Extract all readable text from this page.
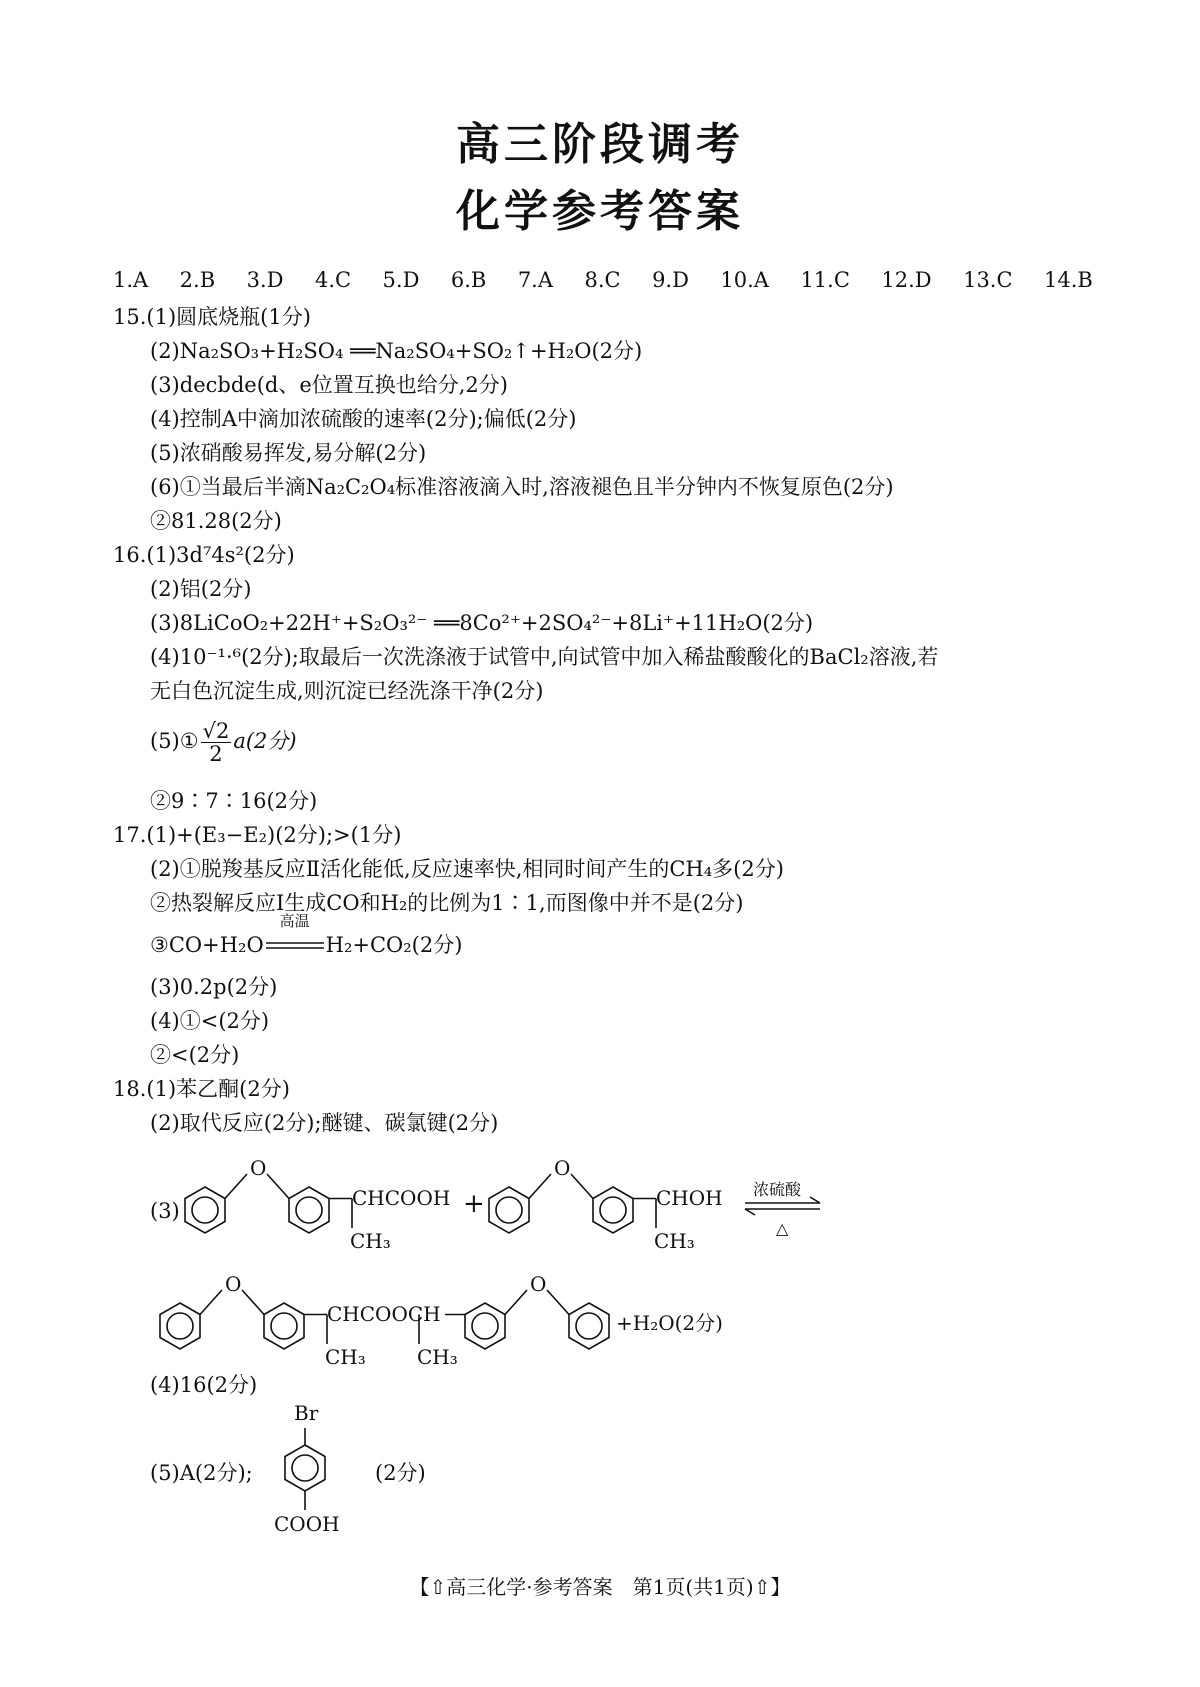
高三阶段调考
化学参考答案
1.A 2.B 3.D 4.C 5.D 6.B 7.A 8.C 9.D 10.A 11.C 12.D 13.C 14.B
15.(1)圆底烧瓶(1分)
(2)Na₂SO₃+H₂SO₄ ══Na₂SO₄+SO₂↑+H₂O(2分)
(3)decbde(d、e位置互换也给分,2分)
(4)控制A中滴加浓硫酸的速率(2分);偏低(2分)
(5)浓硝酸易挥发,易分解(2分)
(6)①当最后半滴Na₂C₂O₄标准溶液滴入时,溶液褪色且半分钟内不恢复原色(2分)
②81.28(2分)
16.(1)3d⁷4s²(2分)
(2)铝(2分)
(3)8LiCoO₂+22H⁺+S₂O₃²⁻ ══8Co²⁺+2SO₄²⁻+8Li⁺+11H₂O(2分)
(4)10⁻¹·⁶(2分);取最后一次洗涤液于试管中,向试管中加入稀盐酸酸化的BaCl₂溶液,若
无白色沉淀生成,则沉淀已经洗涤干净(2分)
(5)① $\frac{√2}{2} a(2$分)
②9∶7∶16(2分)
17.(1)+(E₃−E₂)(2分);>(1分)
(2)①脱羧基反应Ⅱ活化能低,反应速率快,相同时间产生的CH₄多(2分)
②热裂解反应Ⅰ生成CO和H₂的比例为1∶1,而图像中并不是(2分)
③CO+H₂O
高温
H₂+CO₂(2分)
(3)0.2p(2分)
(4)①<(2分)
②<(2分)
18.(1)苯乙酮(2分)
(2)取代反应(2分);醚键、碳氯键(2分)
(3)
O
CHCOOH
CH₃
+
O
CHOH
CH₃
浓硫酸
△
O
CHCOOCH
CH₃	CH₃
O
+H₂O(2分)
(4)16(2分)
(5)A(2分);
Br
COOH
(2分)
【⇧高三化学·参考答案　第1页(共1页)⇧】
